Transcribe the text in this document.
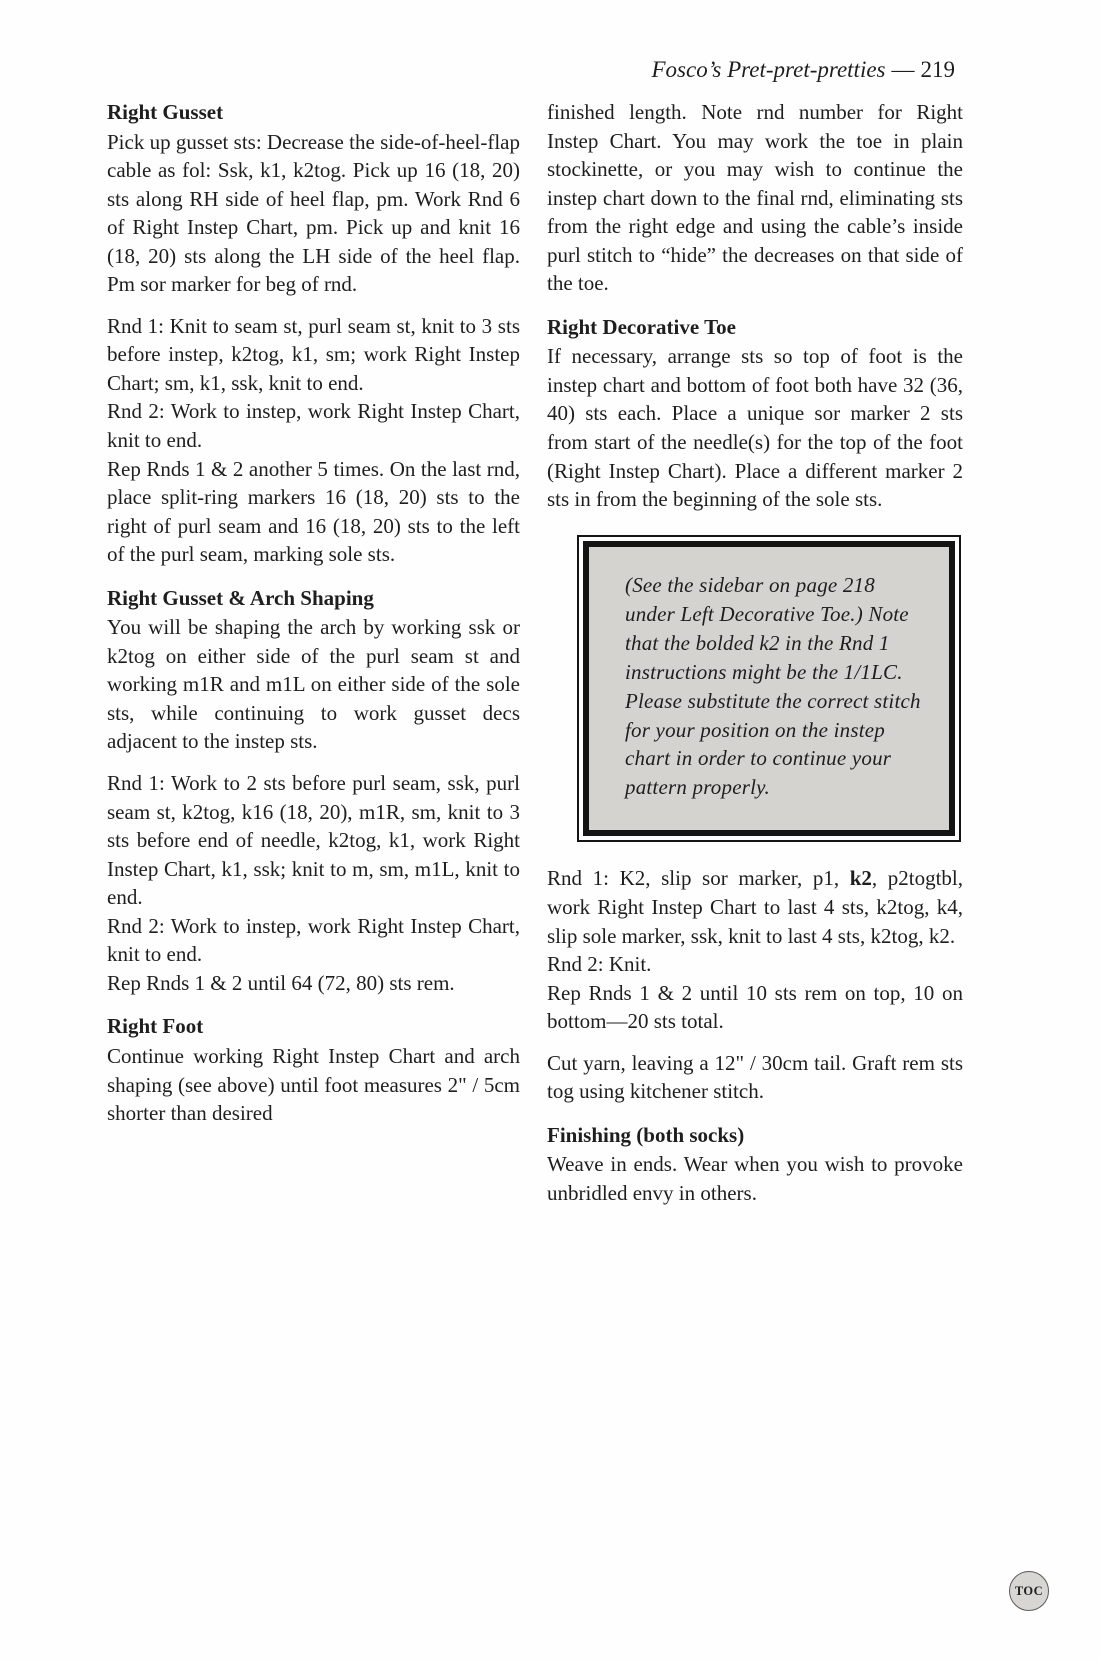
Fosco’s Pret-pret-pretties — 219
Right Gusset

Pick up gusset sts: Decrease the side-of-heel-flap cable as fol: Ssk, k1, k2tog. Pick up 16 (18, 20) sts along RH side of heel flap, pm. Work Rnd 6 of Right Instep Chart, pm. Pick up and knit 16 (18, 20) sts along the LH side of the heel flap. Pm sor marker for beg of rnd.

Rnd 1: Knit to seam st, purl seam st, knit to 3 sts before instep, k2tog, k1, sm; work Right Instep Chart; sm, k1, ssk, knit to end.
Rnd 2: Work to instep, work Right Instep Chart, knit to end.
Rep Rnds 1 & 2 another 5 times. On the last rnd, place split-ring markers 16 (18, 20) sts to the right of purl seam and 16 (18, 20) sts to the left of the purl seam, marking sole sts.
Right Gusset & Arch Shaping

You will be shaping the arch by working ssk or k2tog on either side of the purl seam st and working m1R and m1L on either side of the sole sts, while continuing to work gusset decs adjacent to the instep sts.

Rnd 1: Work to 2 sts before purl seam, ssk, purl seam st, k2tog, k16 (18, 20), m1R, sm, knit to 3 sts before end of needle, k2tog, k1, work Right Instep Chart, k1, ssk; knit to m, sm, m1L, knit to end.
Rnd 2: Work to instep, work Right Instep Chart, knit to end.
Rep Rnds 1 & 2 until 64 (72, 80) sts rem.
Right Foot

Continue working Right Instep Chart and arch shaping (see above) until foot measures 2" / 5cm shorter than desired

finished length. Note rnd number for Right Instep Chart. You may work the toe in plain stockinette, or you may wish to continue the instep chart down to the final rnd, eliminating sts from the right edge and using the cable’s inside purl stitch to “hide” the decreases on that side of the toe.

Right Decorative Toe

If necessary, arrange sts so top of foot is the instep chart and bottom of foot both have 32 (36, 40) sts each. Place a unique sor marker 2 sts from start of the needle(s) for the top of the foot (Right Instep Chart). Place a different marker 2 sts in from the beginning of the sole sts.

(See the sidebar on page 218 under Left Decorative Toe.) Note that the bolded k2 in the Rnd 1 instructions might be the 1/1LC. Please substitute the correct stitch for your position on the instep chart in order to continue your pattern properly.

Rnd 1: K2, slip sor marker, p1, k2, p2togtbl, work Right Instep Chart to last 4 sts, k2tog, k4, slip sole marker, ssk, knit to last 4 sts, k2tog, k2.
Rnd 2: Knit.
Rep Rnds 1 & 2 until 10 sts rem on top, 10 on bottom—20 sts total.

Cut yarn, leaving a 12" / 30cm tail. Graft rem sts tog using kitchener stitch.

Finishing (both socks)

Weave in ends. Wear when you wish to provoke unbridled envy in others.

TOC
